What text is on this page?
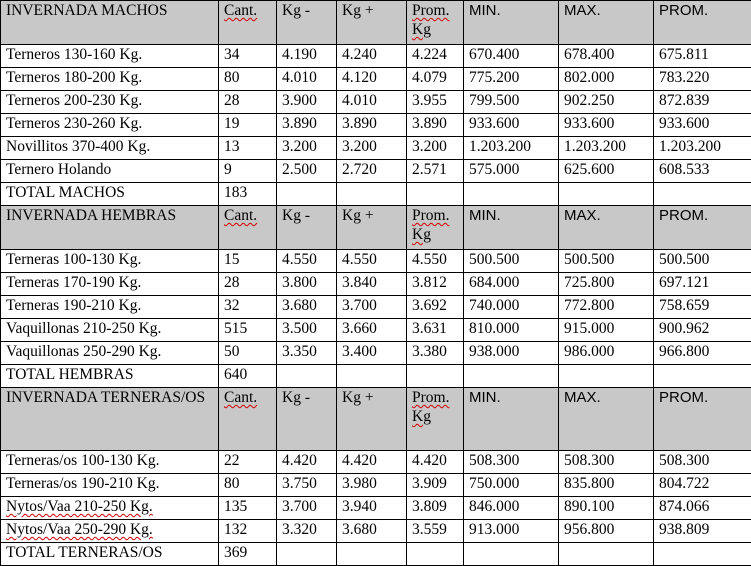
INVERNADA MACHOS	Cant.	Kg -	Kg +	Prom. Kg	MIN.	MAX.	PROM.
Terneros 130-160 Kg.	34	4.190	4.240	4.224	670.400	678.400	675.811
Terneros 180-200 Kg.	80	4.010	4.120	4.079	775.200	802.000	783.220
Terneros 200-230 Kg.	28	3.900	4.010	3.955	799.500	902.250	872.839
Terneros 230-260 Kg.	19	3.890	3.890	3.890	933.600	933.600	933.600
Novillitos 370-400 Kg.	13	3.200	3.200	3.200	1.203.200	1.203.200	1.203.200
Ternero Holando	9	2.500	2.720	2.571	575.000	625.600	608.533
TOTAL MACHOS	183						
INVERNADA HEMBRAS	Cant.	Kg -	Kg +	Prom. Kg	MIN.	MAX.	PROM.
Terneras 100-130 Kg.	15	4.550	4.550	4.550	500.500	500.500	500.500
Terneras 170-190 Kg.	28	3.800	3.840	3.812	684.000	725.800	697.121
Terneras 190-210 Kg.	32	3.680	3.700	3.692	740.000	772.800	758.659
Vaquillonas 210-250 Kg.	515	3.500	3.660	3.631	810.000	915.000	900.962
Vaquillonas 250-290 Kg.	50	3.350	3.400	3.380	938.000	986.000	966.800
TOTAL HEMBRAS	640						
INVERNADA TERNERAS/OS	Cant.	Kg -	Kg +	Prom. Kg	MIN.	MAX.	PROM.
Terneras/os 100-130 Kg.	22	4.420	4.420	4.420	508.300	508.300	508.300
Terneras/os 190-210 Kg.	80	3.750	3.980	3.909	750.000	835.800	804.722
Nytos/Vaa 210-250 Kg.	135	3.700	3.940	3.809	846.000	890.100	874.066
Nytos/Vaa 250-290 Kg.	132	3.320	3.680	3.559	913.000	956.800	938.809
TOTAL TERNERAS/OS	369						
